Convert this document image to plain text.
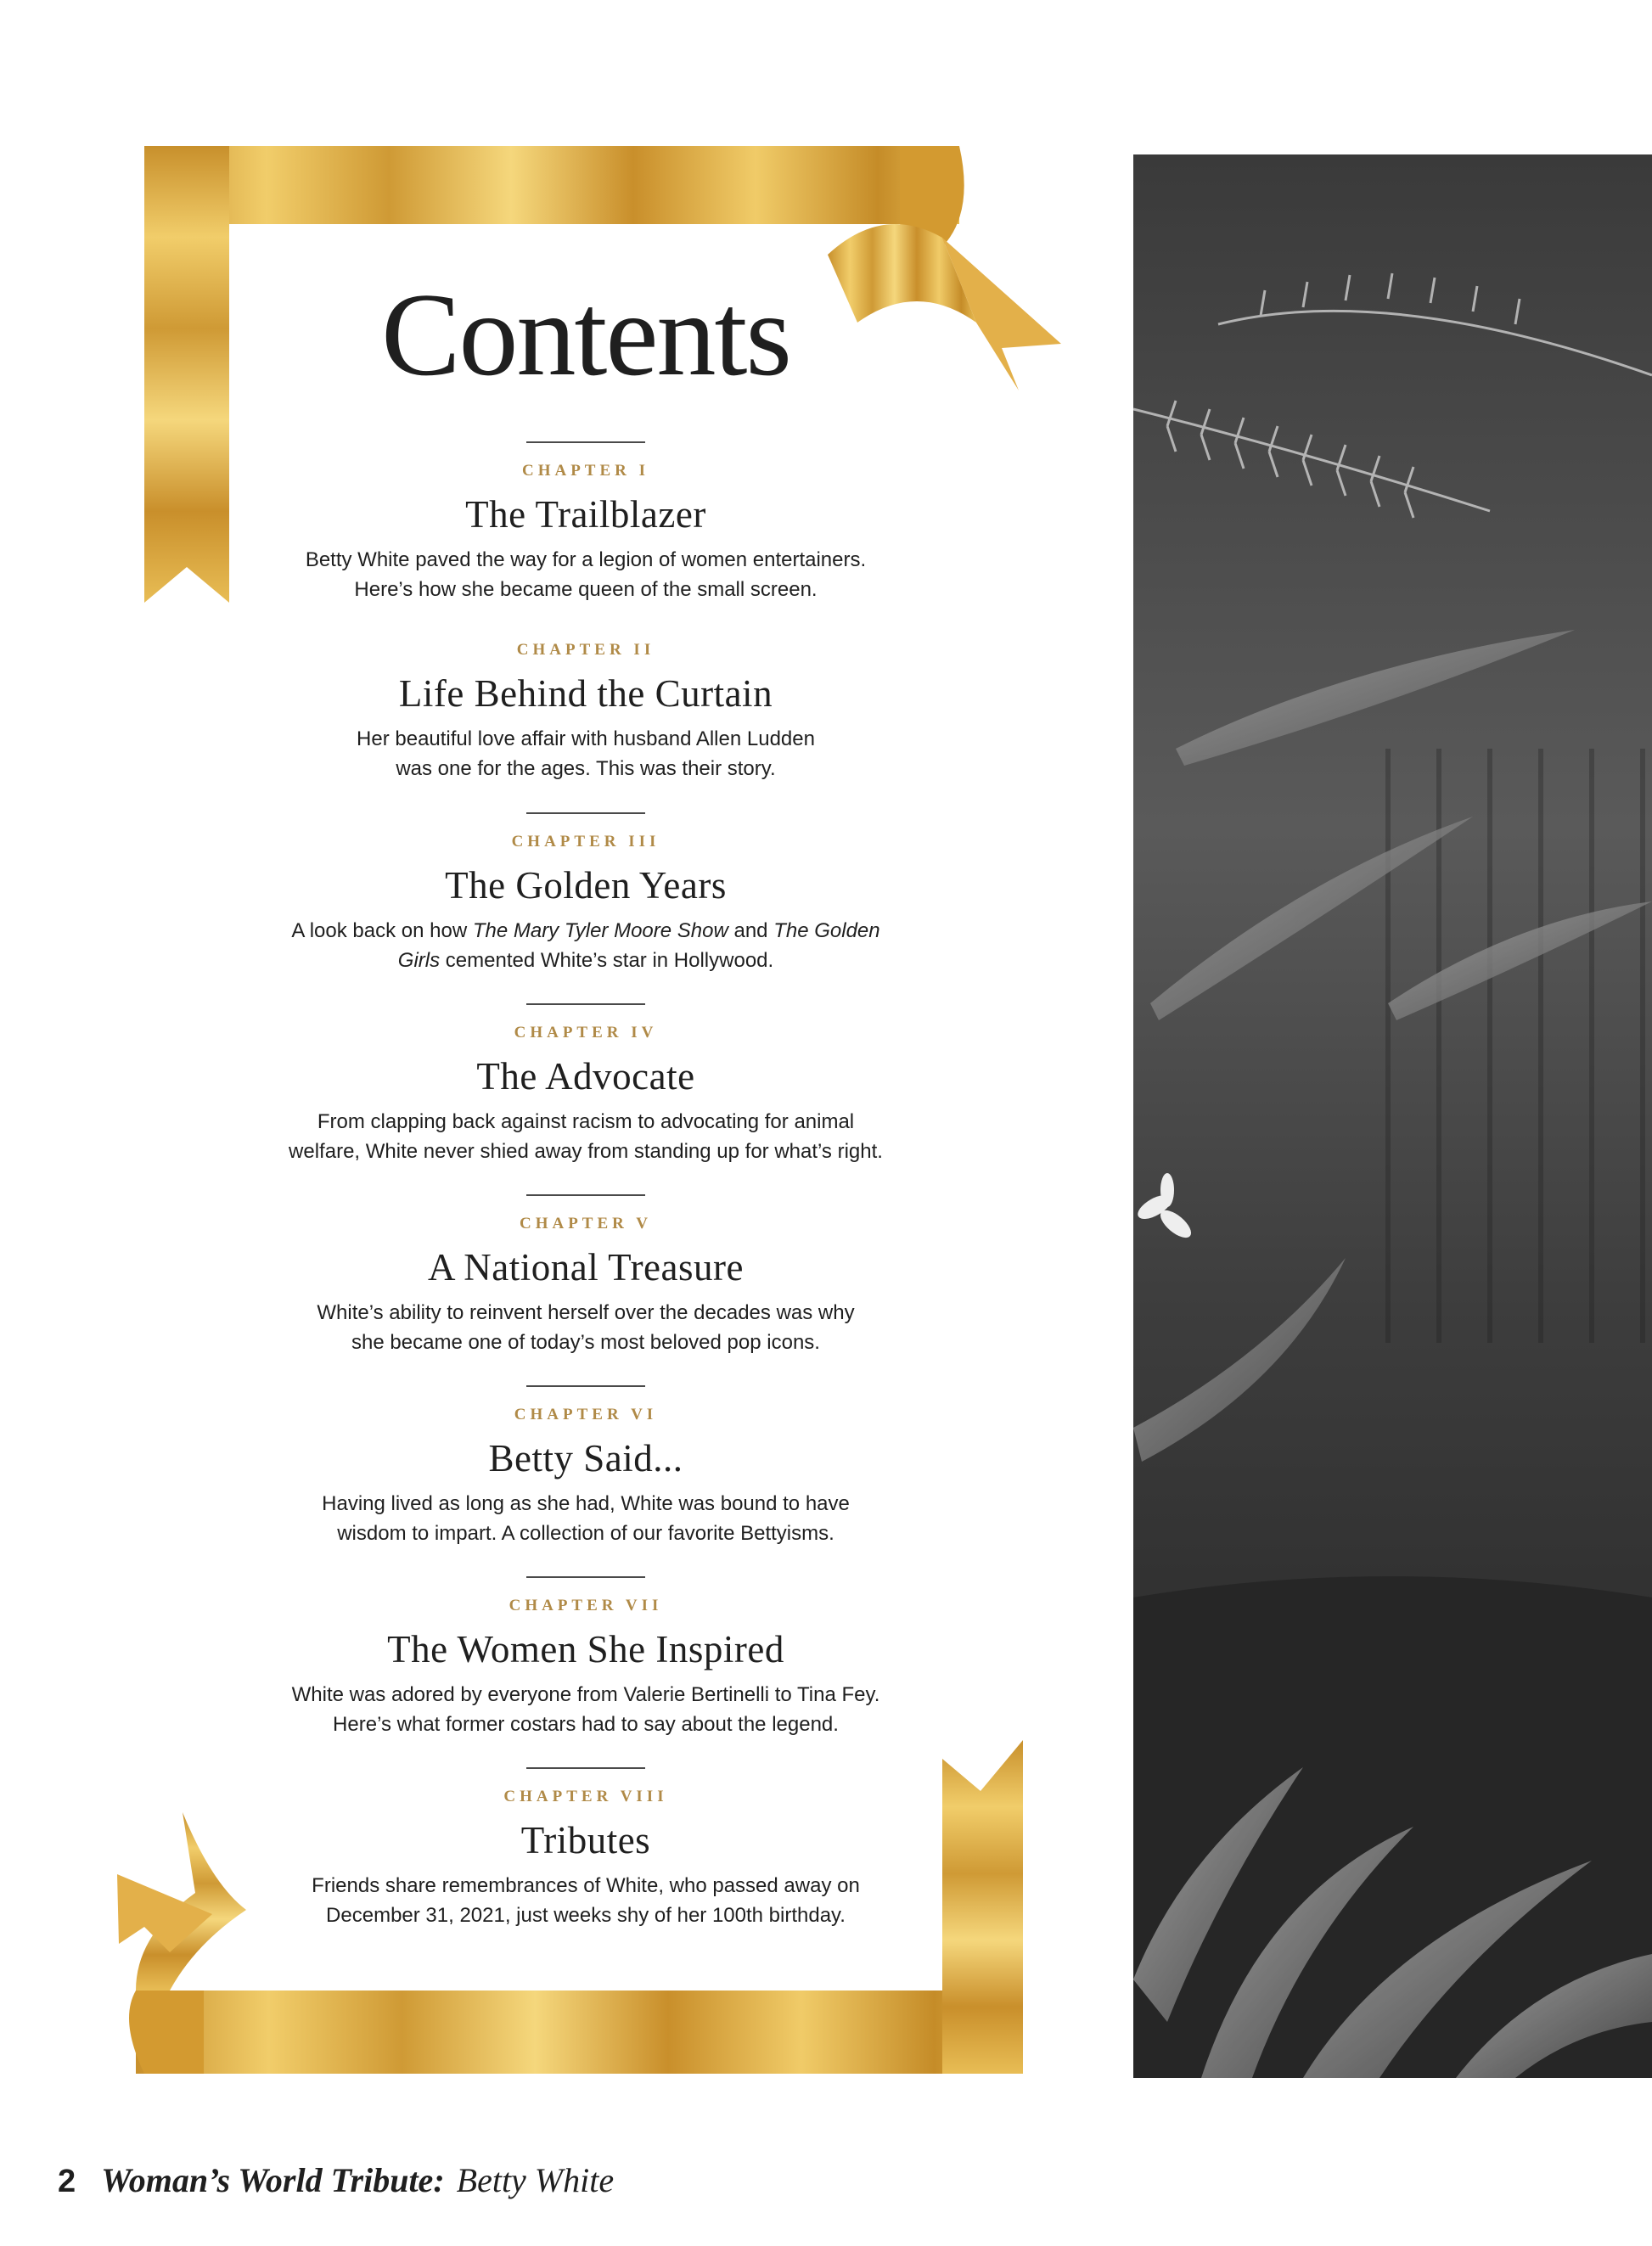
Contents
CHAPTER I
The Trailblazer
Betty White paved the way for a legion of women entertainers.
Here’s how she became queen of the small screen.
CHAPTER II
Life Behind the Curtain
Her beautiful love affair with husband Allen Ludden
was one for the ages. This was their story.
CHAPTER III
The Golden Years
A look back on how The Mary Tyler Moore Show and The Golden
Girls cemented White’s star in Hollywood.
CHAPTER IV
The Advocate
From clapping back against racism to advocating for animal
welfare, White never shied away from standing up for what’s right.
CHAPTER V
A National Treasure
White’s ability to reinvent herself over the decades was why
she became one of today’s most beloved pop icons.
CHAPTER VI
Betty Said...
Having lived as long as she had, White was bound to have
wisdom to impart. A collection of our favorite Bettyisms.
CHAPTER VII
The Women She Inspired
White was adored by everyone from Valerie Bertinelli to Tina Fey.
Here’s what former costars had to say about the legend.
CHAPTER VIII
Tributes
Friends share remembrances of White, who passed away on
December 31, 2021, just weeks shy of her 100th birthday.
2 Woman’s World Tribute: Betty White
